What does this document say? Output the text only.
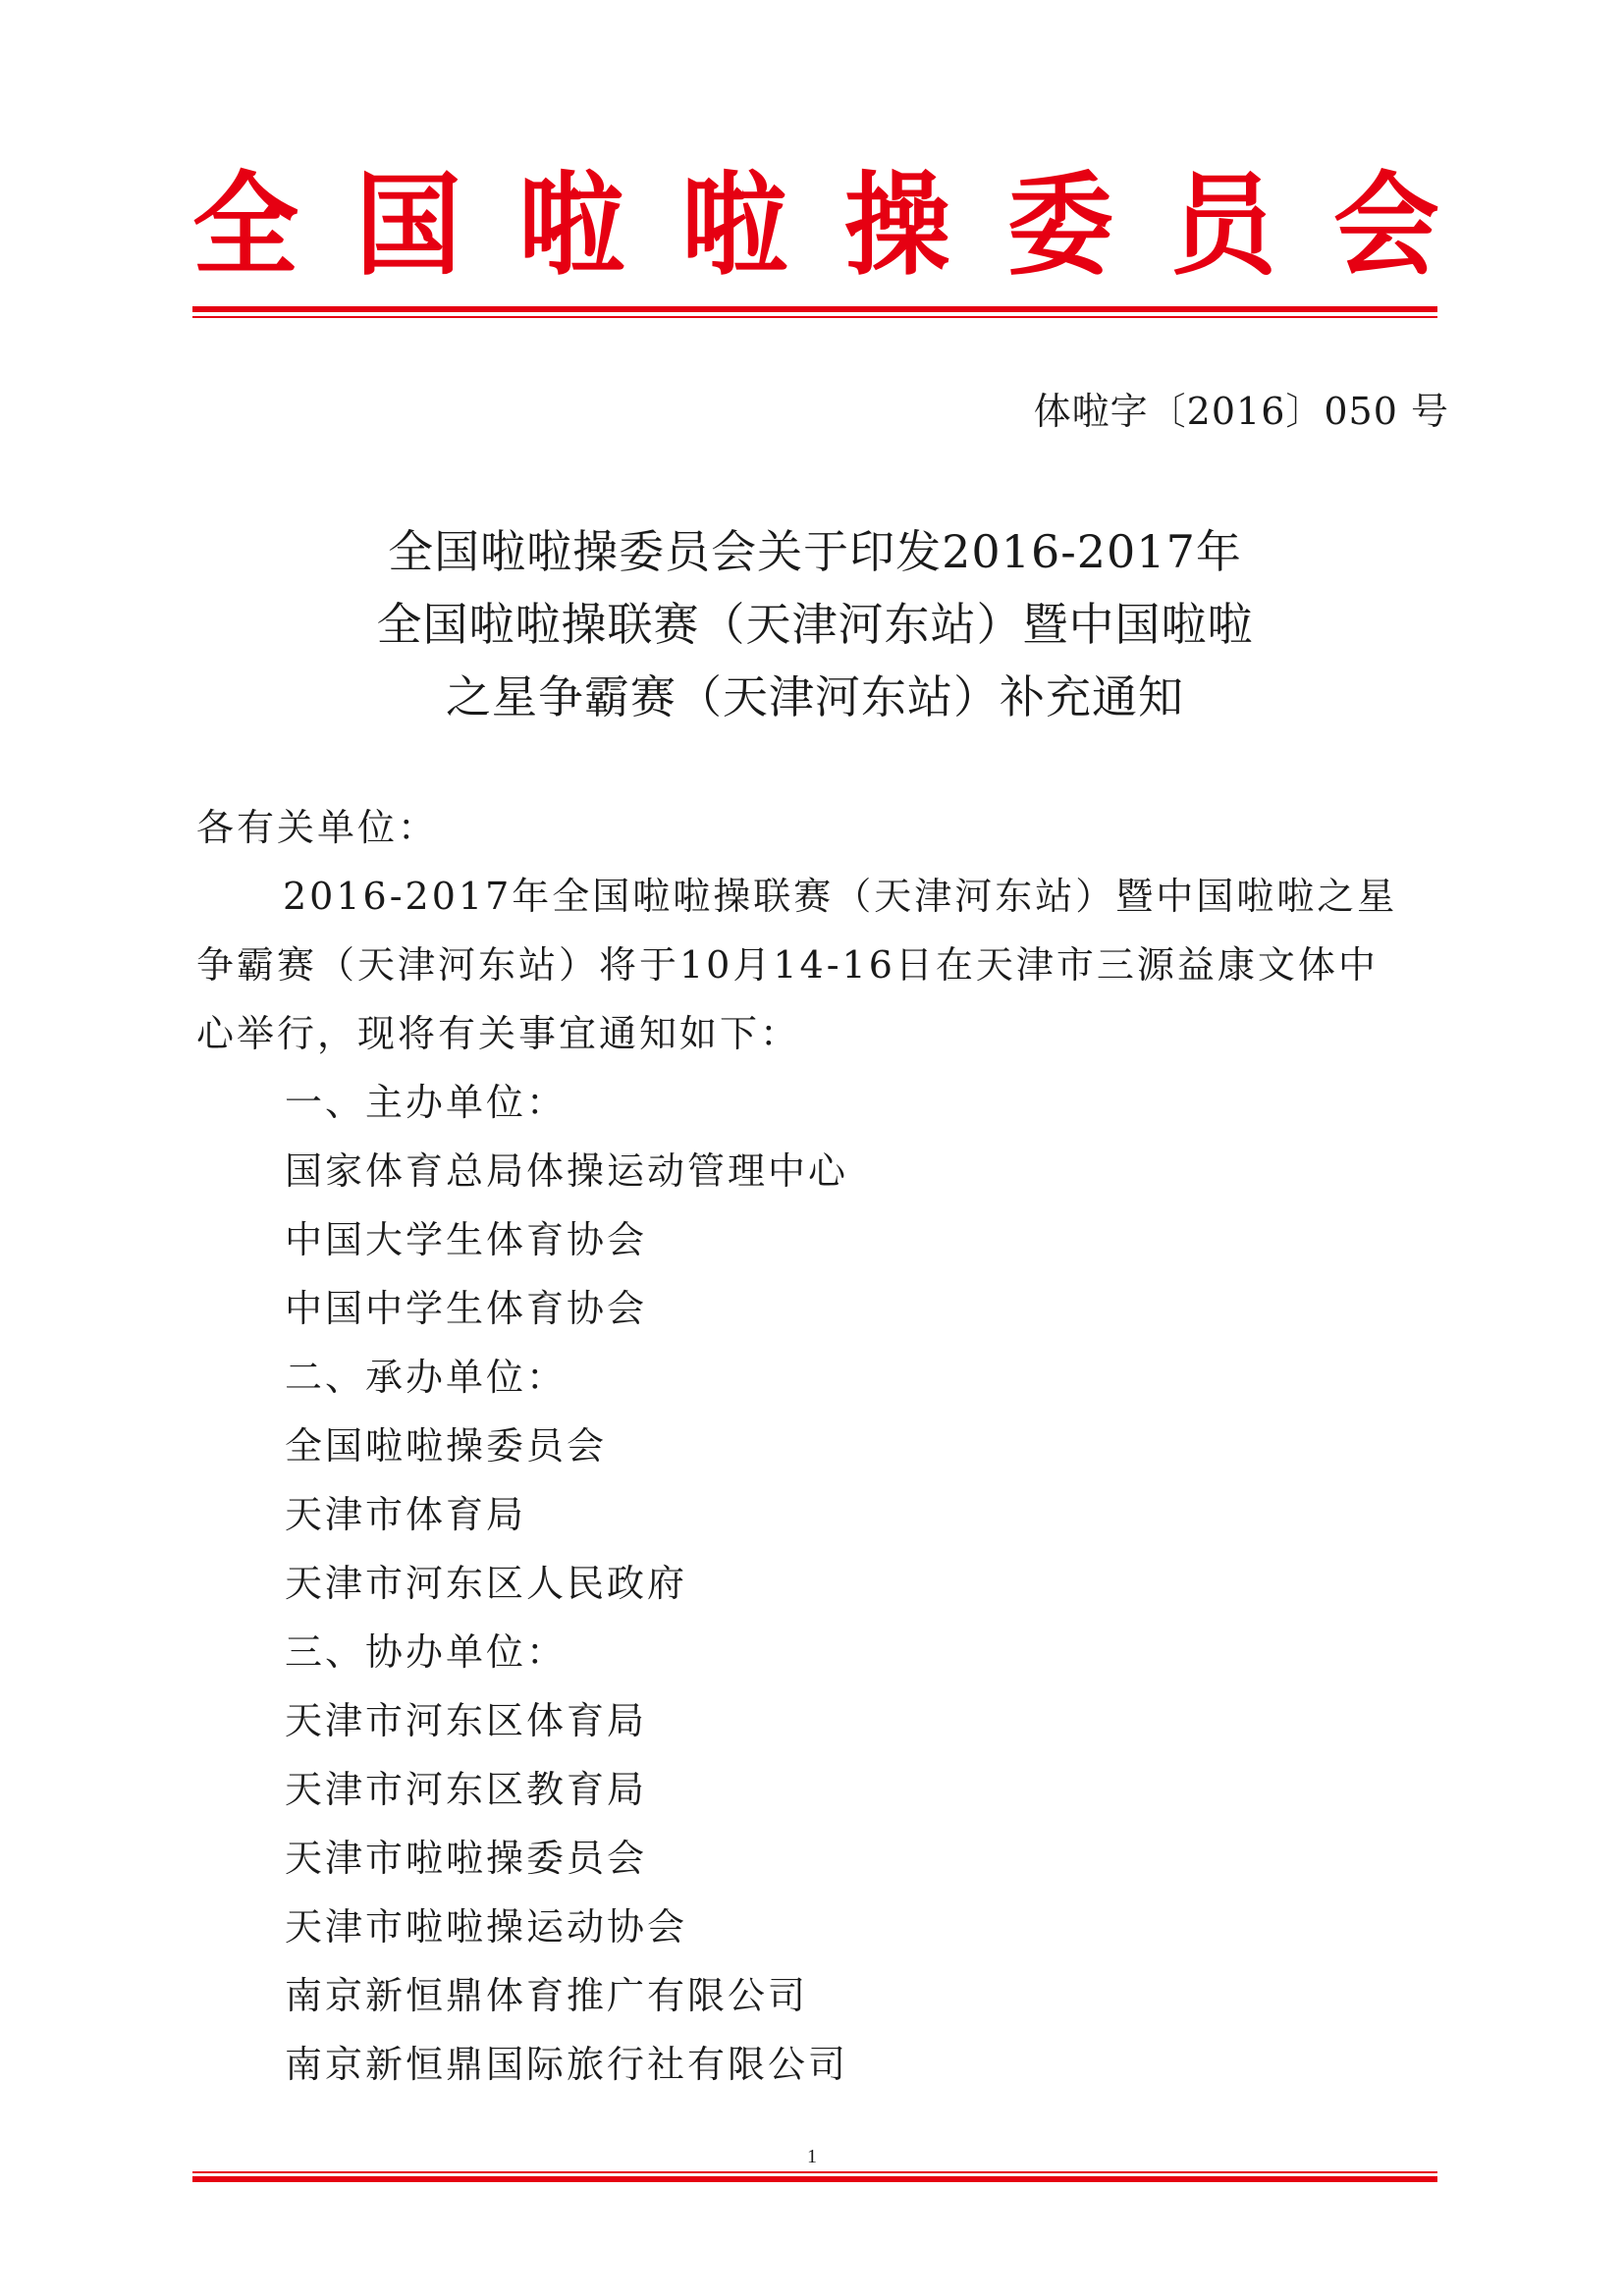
全 国 啦 啦 操 委 员 会
体啦字〔2016〕050 号
全国啦啦操委员会关于印发2016-2017年
全国啦啦操联赛（天津河东站）暨中国啦啦
之星争霸赛（天津河东站）补充通知

各有关单位：

2016-2017年全国啦啦操联赛（天津河东站）暨中国啦啦之星
争霸赛（天津河东站）将于10月14-16日在天津市三源益康文体中
心举行，现将有关事宜通知如下：

一、主办单位：

国家体育总局体操运动管理中心

中国大学生体育协会

中国中学生体育协会

二、承办单位：

全国啦啦操委员会

天津市体育局

天津市河东区人民政府

三、协办单位：

天津市河东区体育局

天津市河东区教育局

天津市啦啦操委员会

天津市啦啦操运动协会

南京新恒鼎体育推广有限公司

南京新恒鼎国际旅行社有限公司

1
